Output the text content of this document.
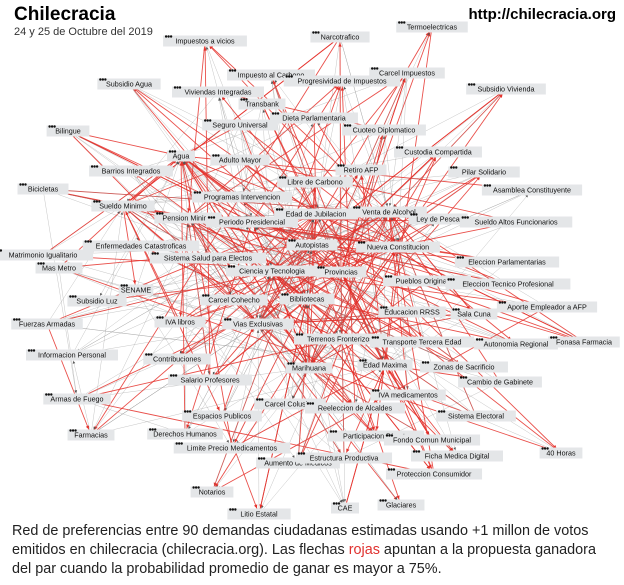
Narcotrafico
Termoelectricas
Impuestos a vicios
Impuesto al Carbono
Progresividad de Impuestos
Carcel Impuestos
Subsidio Agua
Viviendas Integradas
Transbank
Subsidio Vivienda
Seguro Universal
Dieta Parlamentaria
Cuoteo Diplomatico
Bilingue
Custodia Compartida
Agua	Adulto Mayor
Retiro AFP
Barrios Integrados
Libre de Carbono
Pilar Solidario
Programas Intervencion
Asamblea Constituyente
Bicicletas
Sueldo Minimo
Edad de Jubilacion Venta de Alcohol
Pension Minima Periodo Presidencial	Ley de Pesca Sueldo Altos Funcionarios
Enfermedades Catastroficas	Autopistas	Nueva Constitucion
Matrimonio Igualitario	Sistema Salud para Electos	Eleccion Parlamentarias
Mas Metro	Ciencia y Tecnologia	Provincias
Pueblos Originarios
SENAME
Eleccion Tecnico Profesional
Subsidio Luz	Carcel Cohecho	Bibliotecas
Aporte Empleador a AFP
IVA libros
Educacion RRSS Sala Cuna
Fuerzas Armadas	Vias Exclusivas
Terrenos Fronterizos Transporte Tercera Edad	Autonomia Regional Fonasa Farmacia
Informacion Personal	Contribuciones
Edad Maxima	Zonas de Sacrificio
Marihuana
Salario Profesores	Cambio de Gabinete
IVA medicamentos
Armas de Fuego
Carcel Colusion Reeleccion de Alcaldes
Sistema Electoral
Espacios Publicos
Farmacias	Derechos Humanos	Participacion Directa
Fondo Comun Municipal
40 Horas
Limite Precio Medicamentos
Ficha Medica Digital
Aumento
Estructura Productiva
Proteccion Consumidor
Notarios
CAE	Glaciares
Litio Estatal
Chilecracia
24 y 25 de Octubre del 2019
http://chilecracia.org
Red de preferencias entre 90 demandas ciudadanas estimadas usando +1 millon de votos emitidos en chilecracia (chilecracia.org). Las flechas rojas apuntan a la propuesta ganadora del par cuando la probabilidad promedio de ganar es mayor a 75%.
